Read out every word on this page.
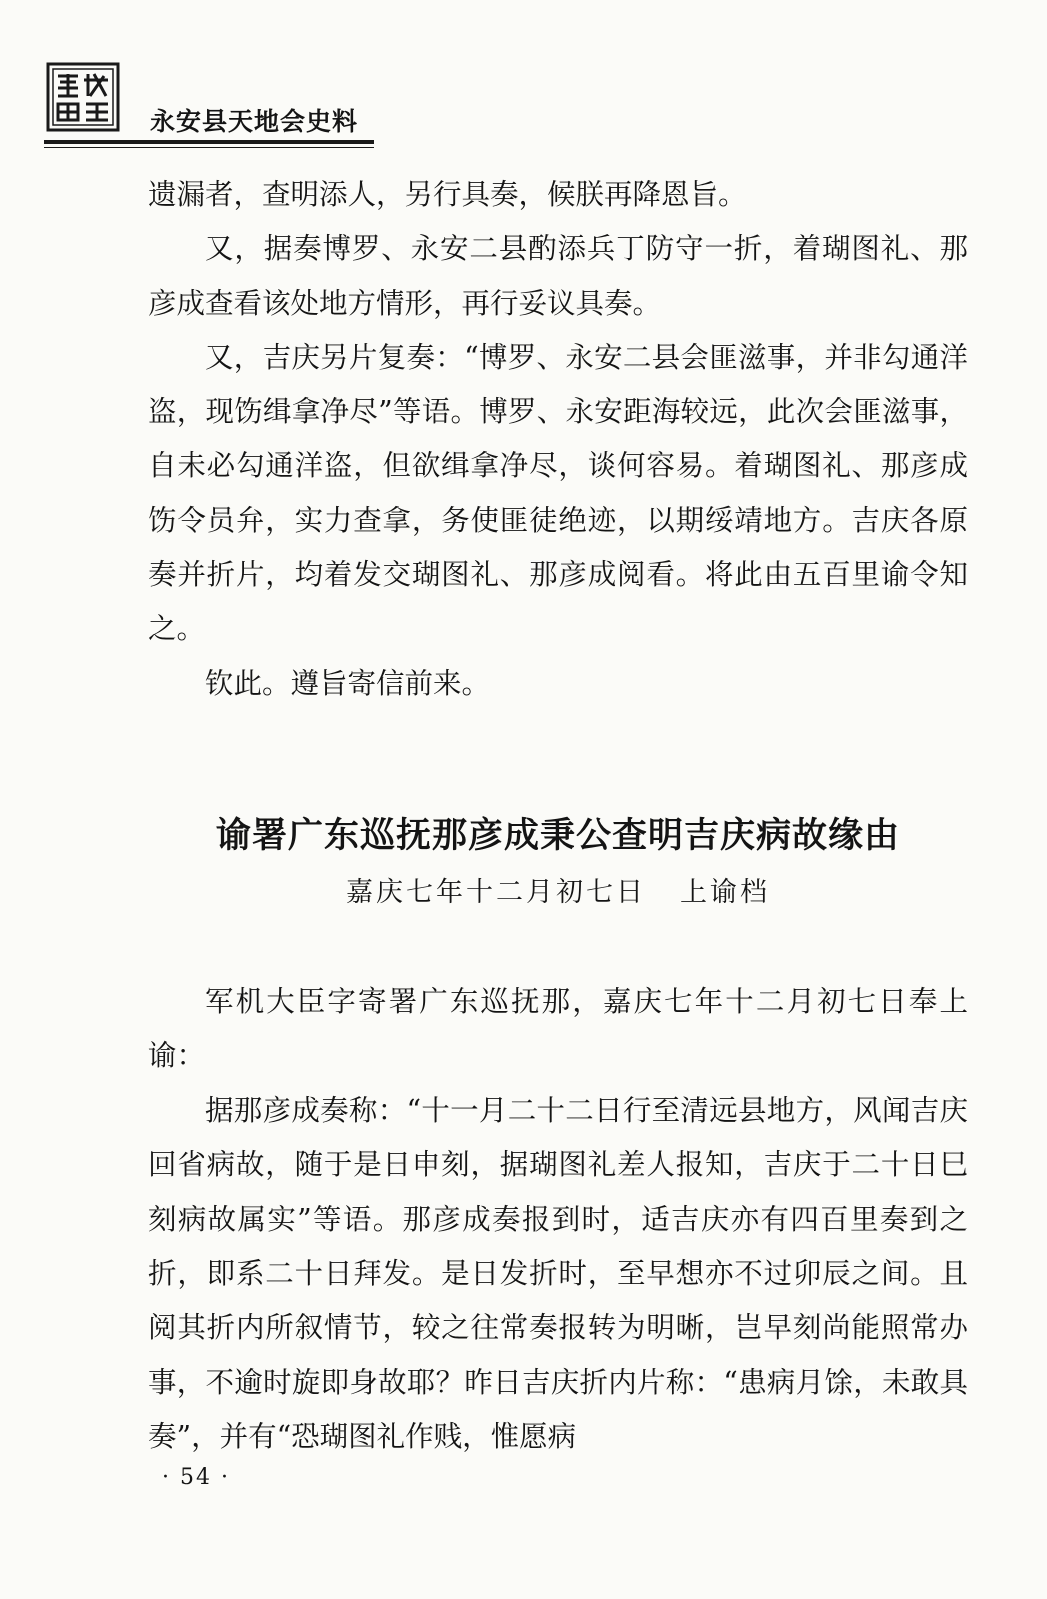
永安县天地会史料

遗漏者，查明添人，另行具奏，候朕再降恩旨。

又，据奏博罗、永安二县酌添兵丁防守一折，着瑚图礼、那彦成查看该处地方情形，再行妥议具奏。

又，吉庆另片复奏：“博罗、永安二县会匪滋事，并非勾通洋盗，现饬缉拿净尽”等语。博罗、永安距海较远，此次会匪滋事，自未必勾通洋盗，但欲缉拿净尽，谈何容易。着瑚图礼、那彦成饬令员弁，实力查拿，务使匪徒绝迹，以期绥靖地方。吉庆各原奏并折片，均着发交瑚图礼、那彦成阅看。将此由五百里谕令知之。

钦此。遵旨寄信前来。

谕署广东巡抚那彦成秉公查明吉庆病故缘由
嘉庆七年十二月初七日 上谕档

军机大臣字寄署广东巡抚那，嘉庆七年十二月初七日奉上谕：

据那彦成奏称：“十一月二十二日行至清远县地方，风闻吉庆回省病故，随于是日申刻，据瑚图礼差人报知，吉庆于二十日巳刻病故属实”等语。那彦成奏报到时，适吉庆亦有四百里奏到之折，即系二十日拜发。是日发折时，至早想亦不过卯辰之间。且阅其折内所叙情节，较之往常奏报转为明晰，岂早刻尚能照常办事，不逾时旋即身故耶？昨日吉庆折内片称：“患病月馀，未敢具奏”，并有“恐瑚图礼作贱，惟愿病

· 54 ·
